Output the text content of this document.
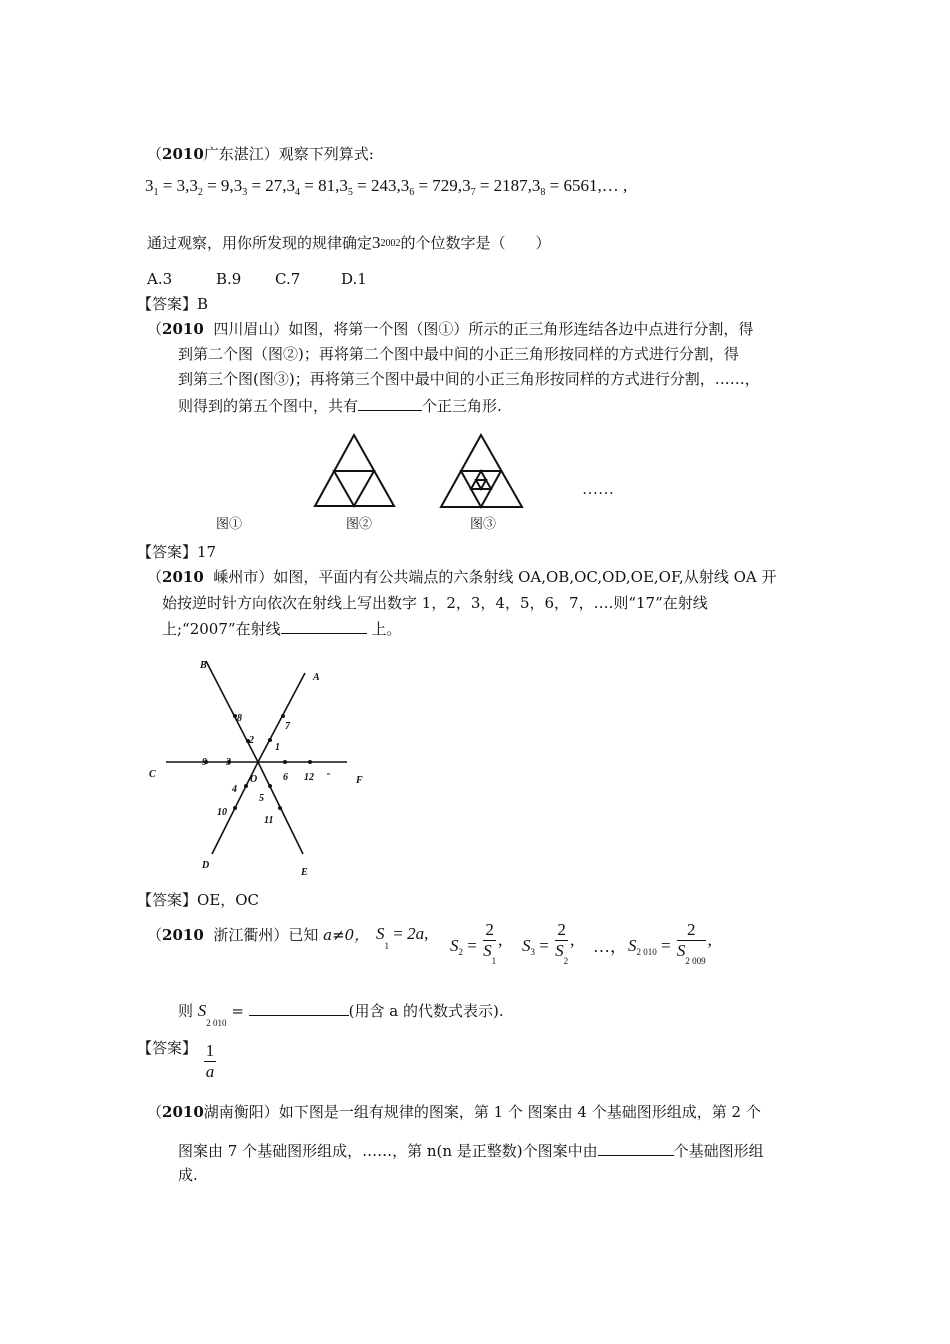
（2010广东湛江）观察下列算式:
$3_1 = 3,3_2 = 9,3_3 = 27,3_4 = 81,3_5 = 243,3_6 = 729,3_7 = 2187,3_8$ = 6561,… ,
通过观察，用你所发现的规律确定32002的个位数字是（　　）
A.3	B.9 C.7	D.1
【答案】B
（2010 四川眉山）如图，将第一个图（图①）所示的正三角形连结各边中点进行分割，得
到第二个图（图②)；再将第二个图中最中间的小正三角形按同样的方式进行分割，得
到第三个图(图③)；再将第三个图中最中间的小正三角形按同样的方式进行分割，……，
则得到的第五个图中，共有	个正三角形.
……
图①	图②	图③
【答案】17
（2010 嵊州市）如图，平面内有公共端点的六条射线 OA,OB,OC,OD,OE,OF,从射线 OA 开
始按逆时针方向依次在射线上写出数字 1，2，3，4，5，6，7，….则“17”在射线
上;“2007”在射线	上。
A
B
C
D
E
F
O
1
2
3
4
5
6
7
8
9
10
11
12
【答案】OE，OC
（2010 浙江衢州）已知 a≠0， $S_1 = 2a$,
$S_2 = \frac{2}{S_1}$ , $S_3 = \frac{2}{S_2}$ , …， $S_{2 010} = \frac{2}{S_{2 009}}$ ,
则 $S_{2 010}$ =	(用含 a 的代数式表示).
【答案】 $\frac{1}{a}$
（2010湖南衡阳）如下图是一组有规律的图案，第 1 个 图案由 4 个基础图形组成，第 2 个
图案由 7 个基础图形组成，……，第 n(n 是正整数)个图案中由	个基础图形组
成.
